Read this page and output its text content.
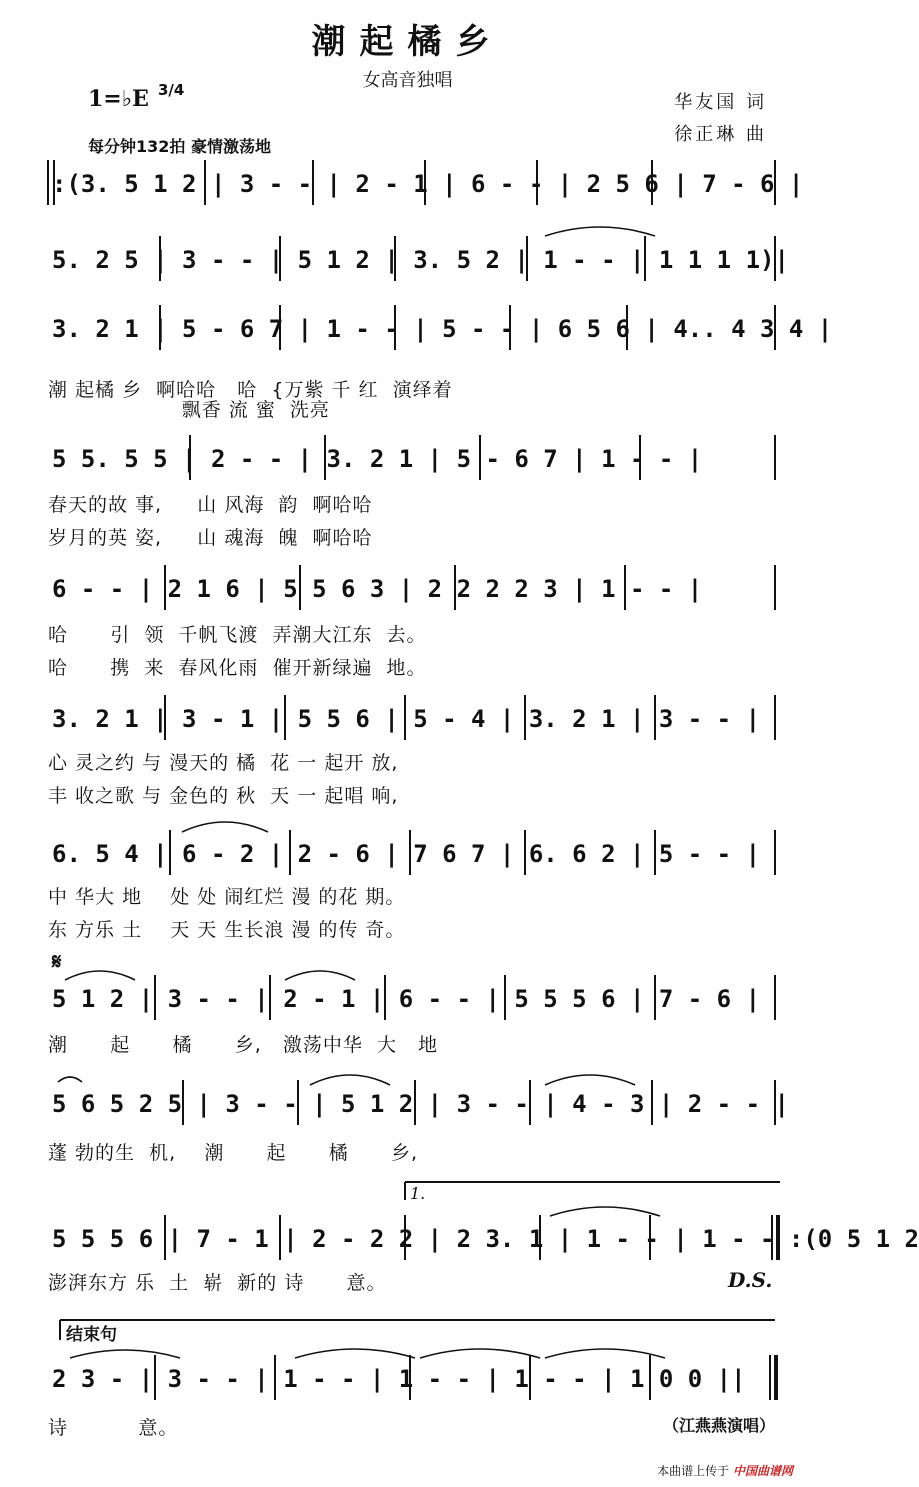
潮起橘乡
女高音独唱
华友国 词
徐正琳 曲
1=♭E 3/4
每分钟132拍 豪情激荡地
:(3. 5 1 2 | 3 - - | 2 - 1 | 6 - - | 2 5 6 | 7 - 6 |
5. 2 5 | 3 - - | 5 1 2 | 3. 5 2 | 1 - - | 1 1 1 1)|
3. 2 1 | 5 - 6 7 | 1 - - | 5 - - | 6 5 6 | 4.. 4 3 4 |
潮 起橘 乡  啊哈哈   哈  {万紫 千 红  演绎着
飘香 流 蜜  洗亮
5 5. 5 5 | 2 - - | 3. 2 1 | 5 - 6 7 | 1 - - |
春天的故 事,     山 风海  韵  啊哈哈
岁月的英 姿,     山 魂海  魄  啊哈哈
6 - - | 2 1 6 | 5 5 6 3 | 2 2 2 2 3 | 1 - - |
哈      引  领  千帆飞渡  弄潮大江东  去。
哈      携  来  春风化雨  催开新绿遍  地。
3. 2 1 | 3 - 1 | 5 5 6 | 5 - 4 | 3. 2 1 | 3 - - |
心 灵之约 与 漫天的 橘  花 一 起开 放,
丰 收之歌 与 金色的 秋  天 一 起唱 响,
6. 5 4 | 6 - 2 | 2 - 6 | 7 6 7 | 6. 6 2 | 5 - - |
中 华大 地    处 处 闹红烂 漫 的花 期。
东 方乐 土    天 天 生长浪 漫 的传 奇。
𝄋
5 1 2 | 3 - - | 2 - 1 | 6 - - | 5 5 5 6 | 7 - 6 |
潮      起      橘      乡,   激荡中华  大   地
5 6 5 2 5 | 3 - - | 5 1 2 | 3 - - | 4 - 3 | 2 - - |
蓬 勃的生  机,    潮      起      橘      乡,
1.
5 5 5 6 | 7 - 1 | 2 - 2 2 | 2 3. 1 | 1 - - | 1 - - :(0 5 1 2
澎湃东方 乐  土  崭  新的 诗      意。	D.S.
结束句
2 3 - | 3 - - | 1 - - | 1 - - | 1 - - | 1 0 0 ||
诗          意。	（江燕燕演唱）
本曲谱上传于 中国曲谱网
